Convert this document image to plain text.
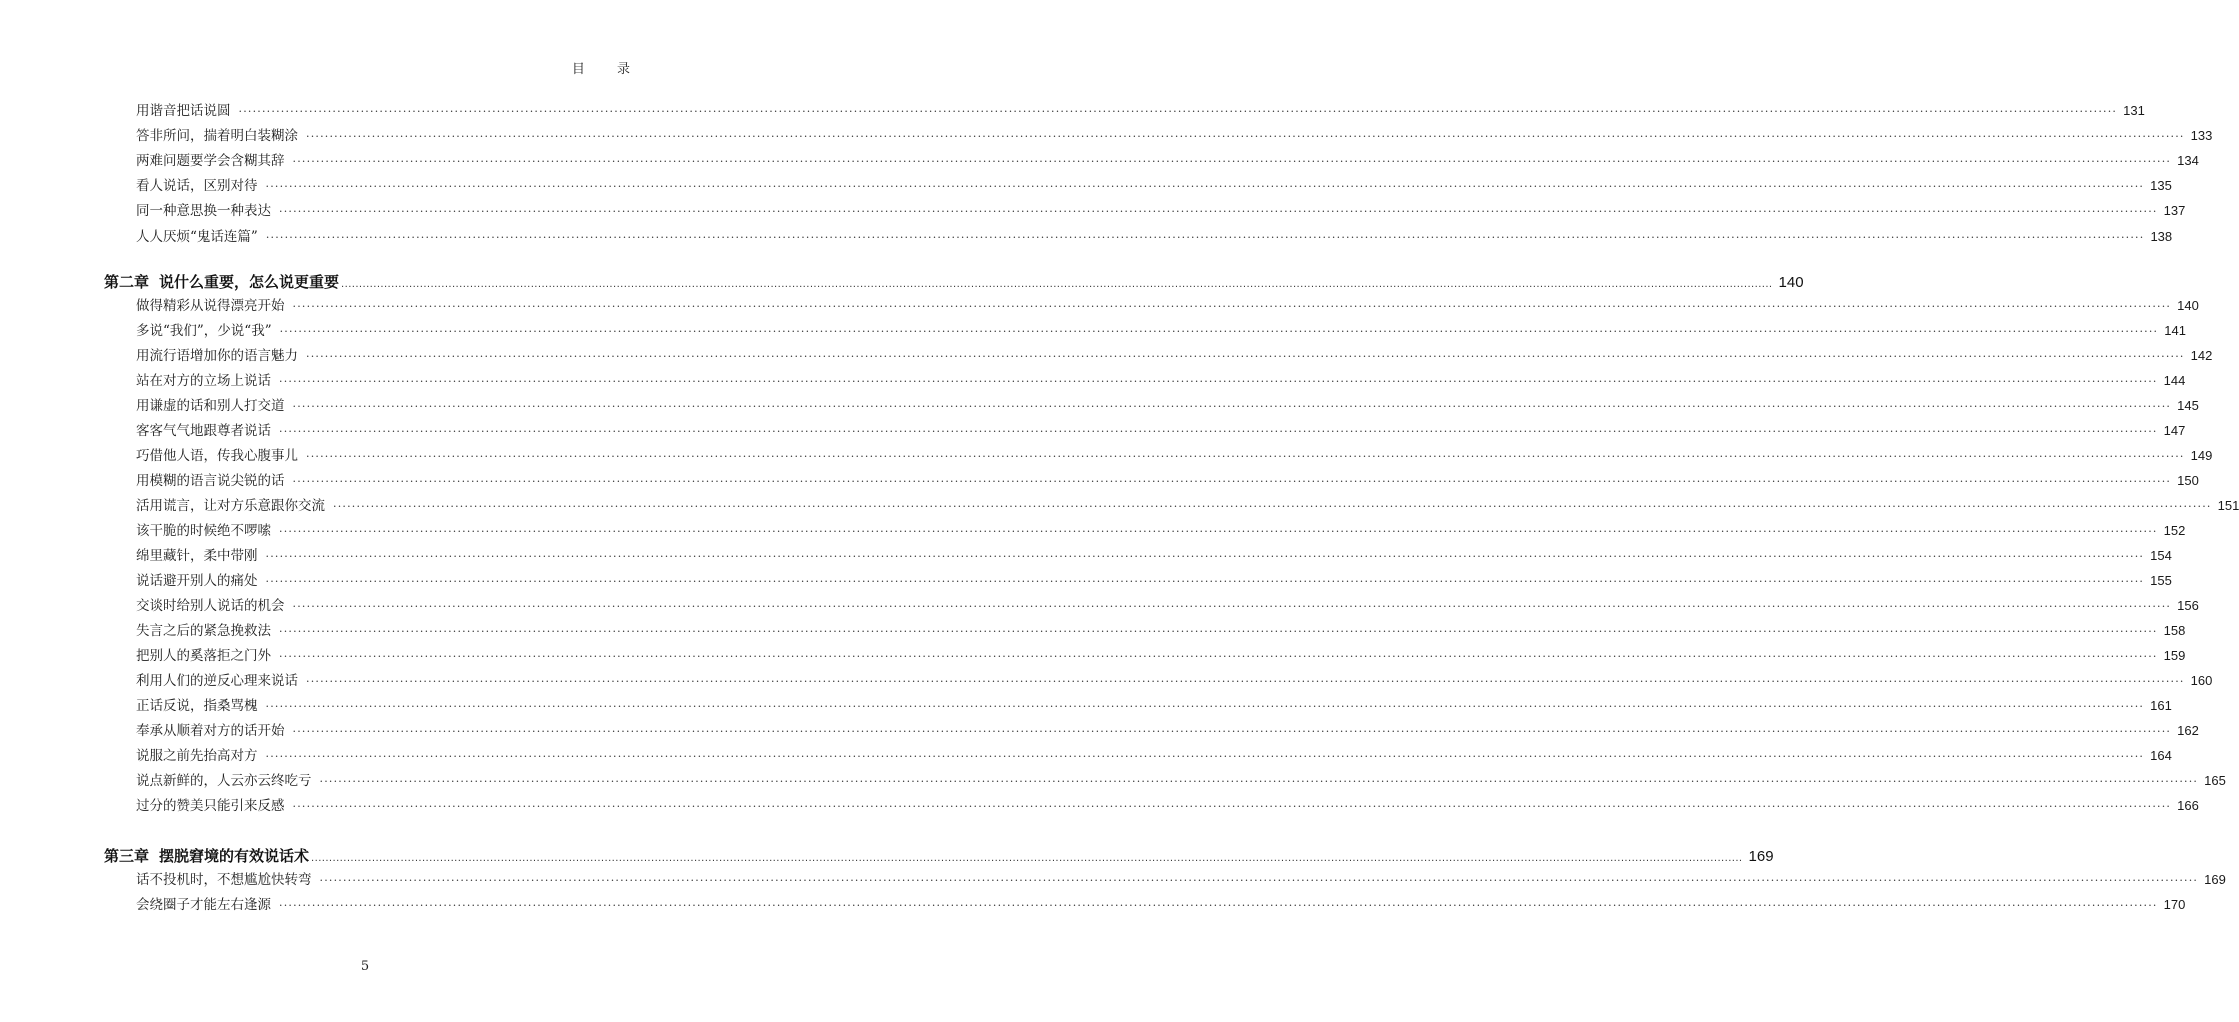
目 录
用谐音把话说圆 ················································································································································································································································································································································································································ 131
答非所问，揣着明白装糊涂 ················································································································································································································································································································································································································ 133
两难问题要学会含糊其辞 ················································································································································································································································································································································································································ 134
看人说话，区别对待 ················································································································································································································································································································································································································ 135
同一种意思换一种表达 ················································································································································································································································································································································································································ 137
人人厌烦“鬼话连篇” ················································································································································································································································································································································································································ 138
第二章 说什么重要，怎么说更重要 ................................................................................................................................................................................................................................................................................................................................................................................................................ 140
做得精彩从说得漂亮开始 ················································································································································································································································································································································································································ 140
多说“我们”，少说“我” ················································································································································································································································································································································································································ 141
用流行语增加你的语言魅力 ················································································································································································································································································································································································································ 142
站在对方的立场上说话 ················································································································································································································································································································································································································ 144
用谦虚的话和别人打交道 ················································································································································································································································································································································································································ 145
客客气气地跟尊者说话 ················································································································································································································································································································································································································ 147
巧借他人语，传我心腹事儿 ················································································································································································································································································································································································································ 149
用模糊的语言说尖锐的话 ················································································································································································································································································································································································································ 150
活用谎言，让对方乐意跟你交流 ················································································································································································································································································································································································································ 151
该干脆的时候绝不啰嗦 ················································································································································································································································································································································································································ 152
绵里藏针，柔中带刚 ················································································································································································································································································································································································································ 154
说话避开别人的痛处 ················································································································································································································································································································································································································ 155
交谈时给别人说话的机会 ················································································································································································································································································································································································································ 156
失言之后的紧急挽救法 ················································································································································································································································································································································································································ 158
把别人的奚落拒之门外 ················································································································································································································································································································································································································ 159
利用人们的逆反心理来说话 ················································································································································································································································································································································································································ 160
正话反说，指桑骂槐 ················································································································································································································································································································································································································ 161
奉承从顺着对方的话开始 ················································································································································································································································································································································································································ 162
说服之前先抬高对方 ················································································································································································································································································································································································································ 164
说点新鲜的，人云亦云终吃亏 ················································································································································································································································································································································································································ 165
过分的赞美只能引来反感 ················································································································································································································································································································································································································ 166
第三章 摆脱窘境的有效说话术 ................................................................................................................................................................................................................................................................................................................................................................................................................ 169
话不投机时，不想尴尬快转弯 ················································································································································································································································································································································································································ 169
会绕圈子才能左右逢源 ················································································································································································································································································································································································································ 170
5
